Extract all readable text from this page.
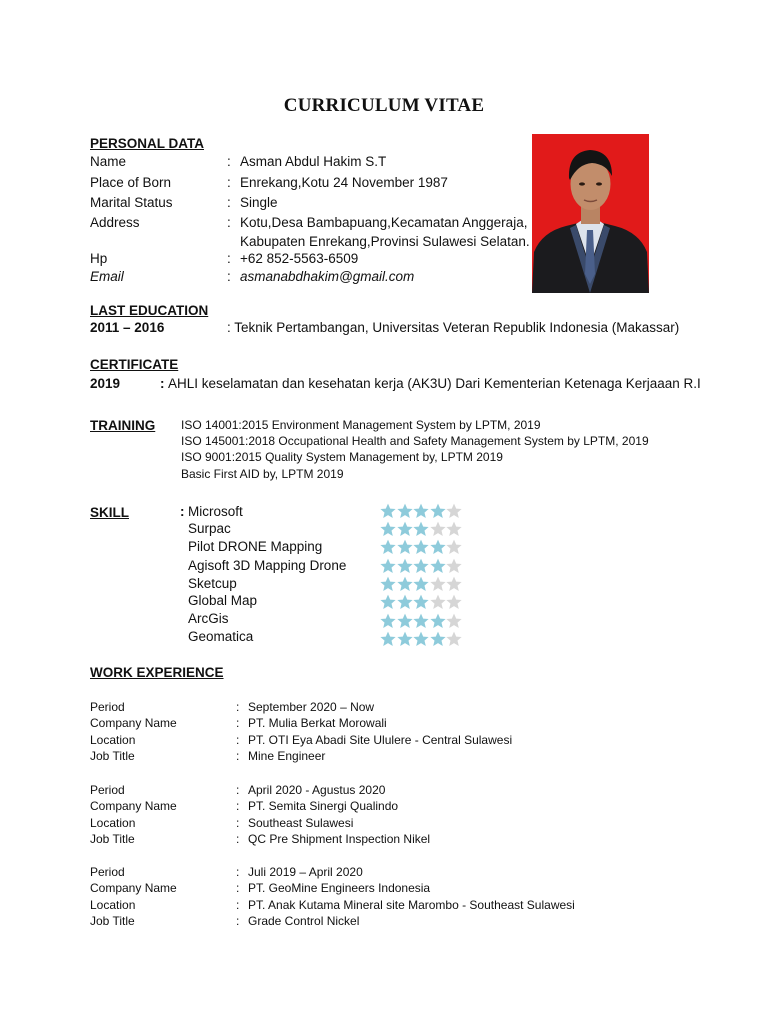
CURRICULUM VITAE
PERSONAL DATA
Name	: Asman Abdul Hakim S.T
Place of Born	: Enrekang,Kotu 24 November 1987
Marital Status	: Single
Address	: Kotu,Desa Bambapuang,Kecamatan Anggeraja,
Kabupaten Enrekang,Provinsi Sulawesi Selatan.
Hp	: +62 852-5563-6509
Email	: asmanabdhakim@gmail.com
LAST EDUCATION
2011 – 2016	: Teknik Pertambangan, Universitas Veteran Republik Indonesia (Makassar)
CERTIFICATE
2019	: AHLI keselamatan dan kesehatan kerja (AK3U) Dari Kementerian Ketenaga Kerjaaan R.I
TRAINING ISO 14001:2015 Environment Management System by LPTM, 2019
ISO 145001:2018 Occupational Health and Safety Management System by LPTM, 2019
ISO 9001:2015 Quality System Management by, LPTM 2019
Basic First AID by, LPTM 2019
SKILL	: Microsoft
Surpac
Pilot DRONE Mapping
Agisoft 3D Mapping Drone
Sketcup
Global Map
ArcGis
Geomatica
WORK EXPERIENCE
Period	: September 2020 – Now
Company Name	: PT. Mulia Berkat Morowali
Location	: PT. OTI Eya Abadi Site Ululere - Central Sulawesi
Job Title	: Mine Engineer
Period	: April 2020 - Agustus 2020
Company Name	: PT. Semita Sinergi Qualindo
Location	: Southeast Sulawesi
Job Title	: QC Pre Shipment Inspection Nikel
Period	: Juli 2019 – April 2020
Company Name	: PT. GeoMine Engineers Indonesia
Location	: PT. Anak Kutama Mineral site Marombo - Southeast Sulawesi
Job Title	: Grade Control Nickel
